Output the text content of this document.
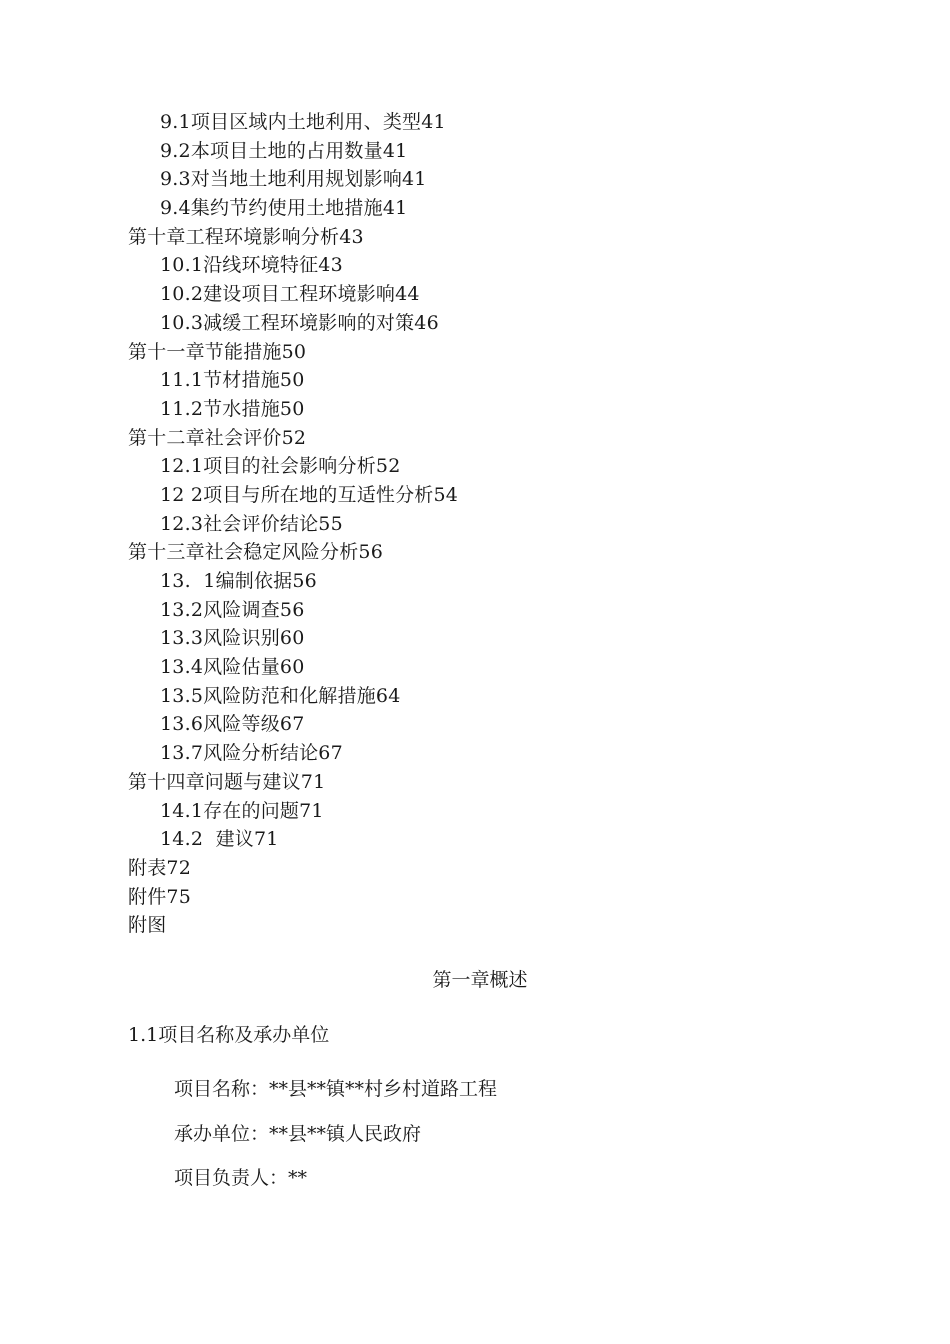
9.1项目区域内土地利用、类型41
9.2本项目土地的占用数量41
9.3对当地土地利用规划影响41
9.4集约节约使用土地措施41
第十章工程环境影响分析43
10.1沿线环境特征43
10.2建设项目工程环境影响44
10.3减缓工程环境影响的对策46
第十一章节能措施50
11.1节材措施50
11.2节水措施50
第十二章社会评价52
12.1项目的社会影响分析52
12 2项目与所在地的互适性分析54
12.3社会评价结论55
第十三章社会稳定风险分析56
13.  1编制依据56
13.2风险调查56
13.3风险识别60
13.4风险估量60
13.5风险防范和化解措施64
13.6风险等级67
13.7风险分析结论67
第十四章问题与建议71
14.1存在的问题71
14.2  建议71
附表72
附件75
附图
第一章概述
1.1项目名称及承办单位
项目名称：**县**镇**村乡村道路工程
承办单位：**县**镇人民政府
项目负责人：**
